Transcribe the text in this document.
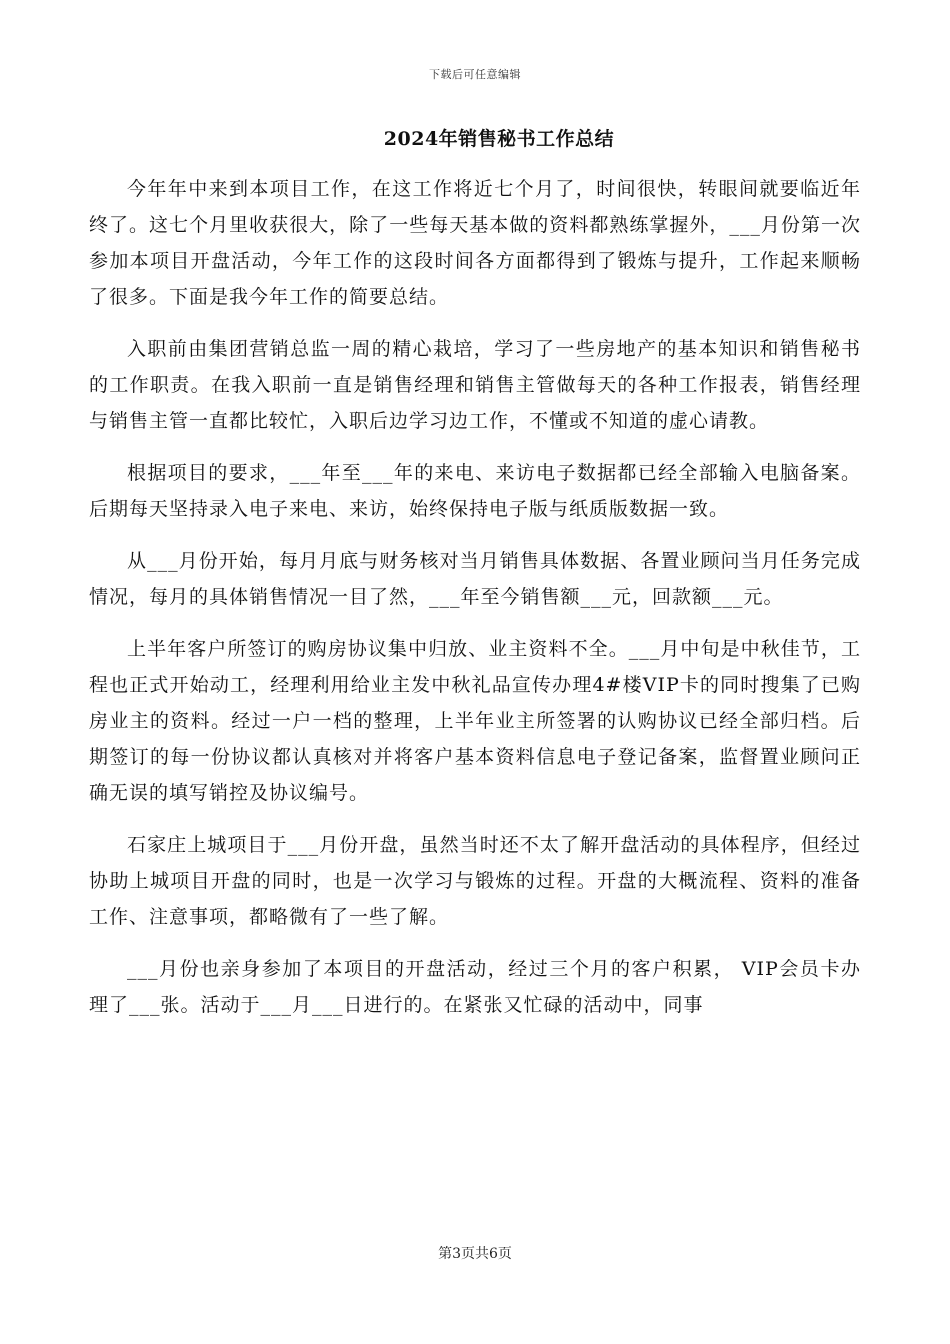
下载后可任意编辑
2024年销售秘书工作总结

今年年中来到本项目工作，在这工作将近七个月了，时间很快，转眼间就要临近年终了。这七个月里收获很大，除了一些每天基本做的资料都熟练掌握外，___月份第一次参加本项目开盘活动，今年工作的这段时间各方面都得到了锻炼与提升，工作起来顺畅了很多。下面是我今年工作的简要总结。

入职前由集团营销总监一周的精心栽培，学习了一些房地产的基本知识和销售秘书的工作职责。在我入职前一直是销售经理和销售主管做每天的各种工作报表，销售经理与销售主管一直都比较忙，入职后边学习边工作，不懂或不知道的虚心请教。

根据项目的要求，___年至___年的来电、来访电子数据都已经全部输入电脑备案。后期每天坚持录入电子来电、来访，始终保持电子版与纸质版数据一致。

从___月份开始，每月月底与财务核对当月销售具体数据、各置业顾问当月任务完成情况，每月的具体销售情况一目了然，___年至今销售额___元，回款额___元。

上半年客户所签订的购房协议集中归放、业主资料不全。___月中旬是中秋佳节，工程也正式开始动工，经理利用给业主发中秋礼品宣传办理4#楼VIP卡的同时搜集了已购房业主的资料。经过一户一档的整理，上半年业主所签署的认购协议已经全部归档。后期签订的每一份协议都认真核对并将客户基本资料信息电子登记备案，监督置业顾问正确无误的填写销控及协议编号。

石家庄上城项目于___月份开盘，虽然当时还不太了解开盘活动的具体程序，但经过协助上城项目开盘的同时，也是一次学习与锻炼的过程。开盘的大概流程、资料的准备工作、注意事项，都略微有了一些了解。

___月份也亲身参加了本项目的开盘活动，经过三个月的客户积累， VIP会员卡办理了___张。活动于___月___日进行的。在紧张又忙碌的活动中，同事

第3页共6页
